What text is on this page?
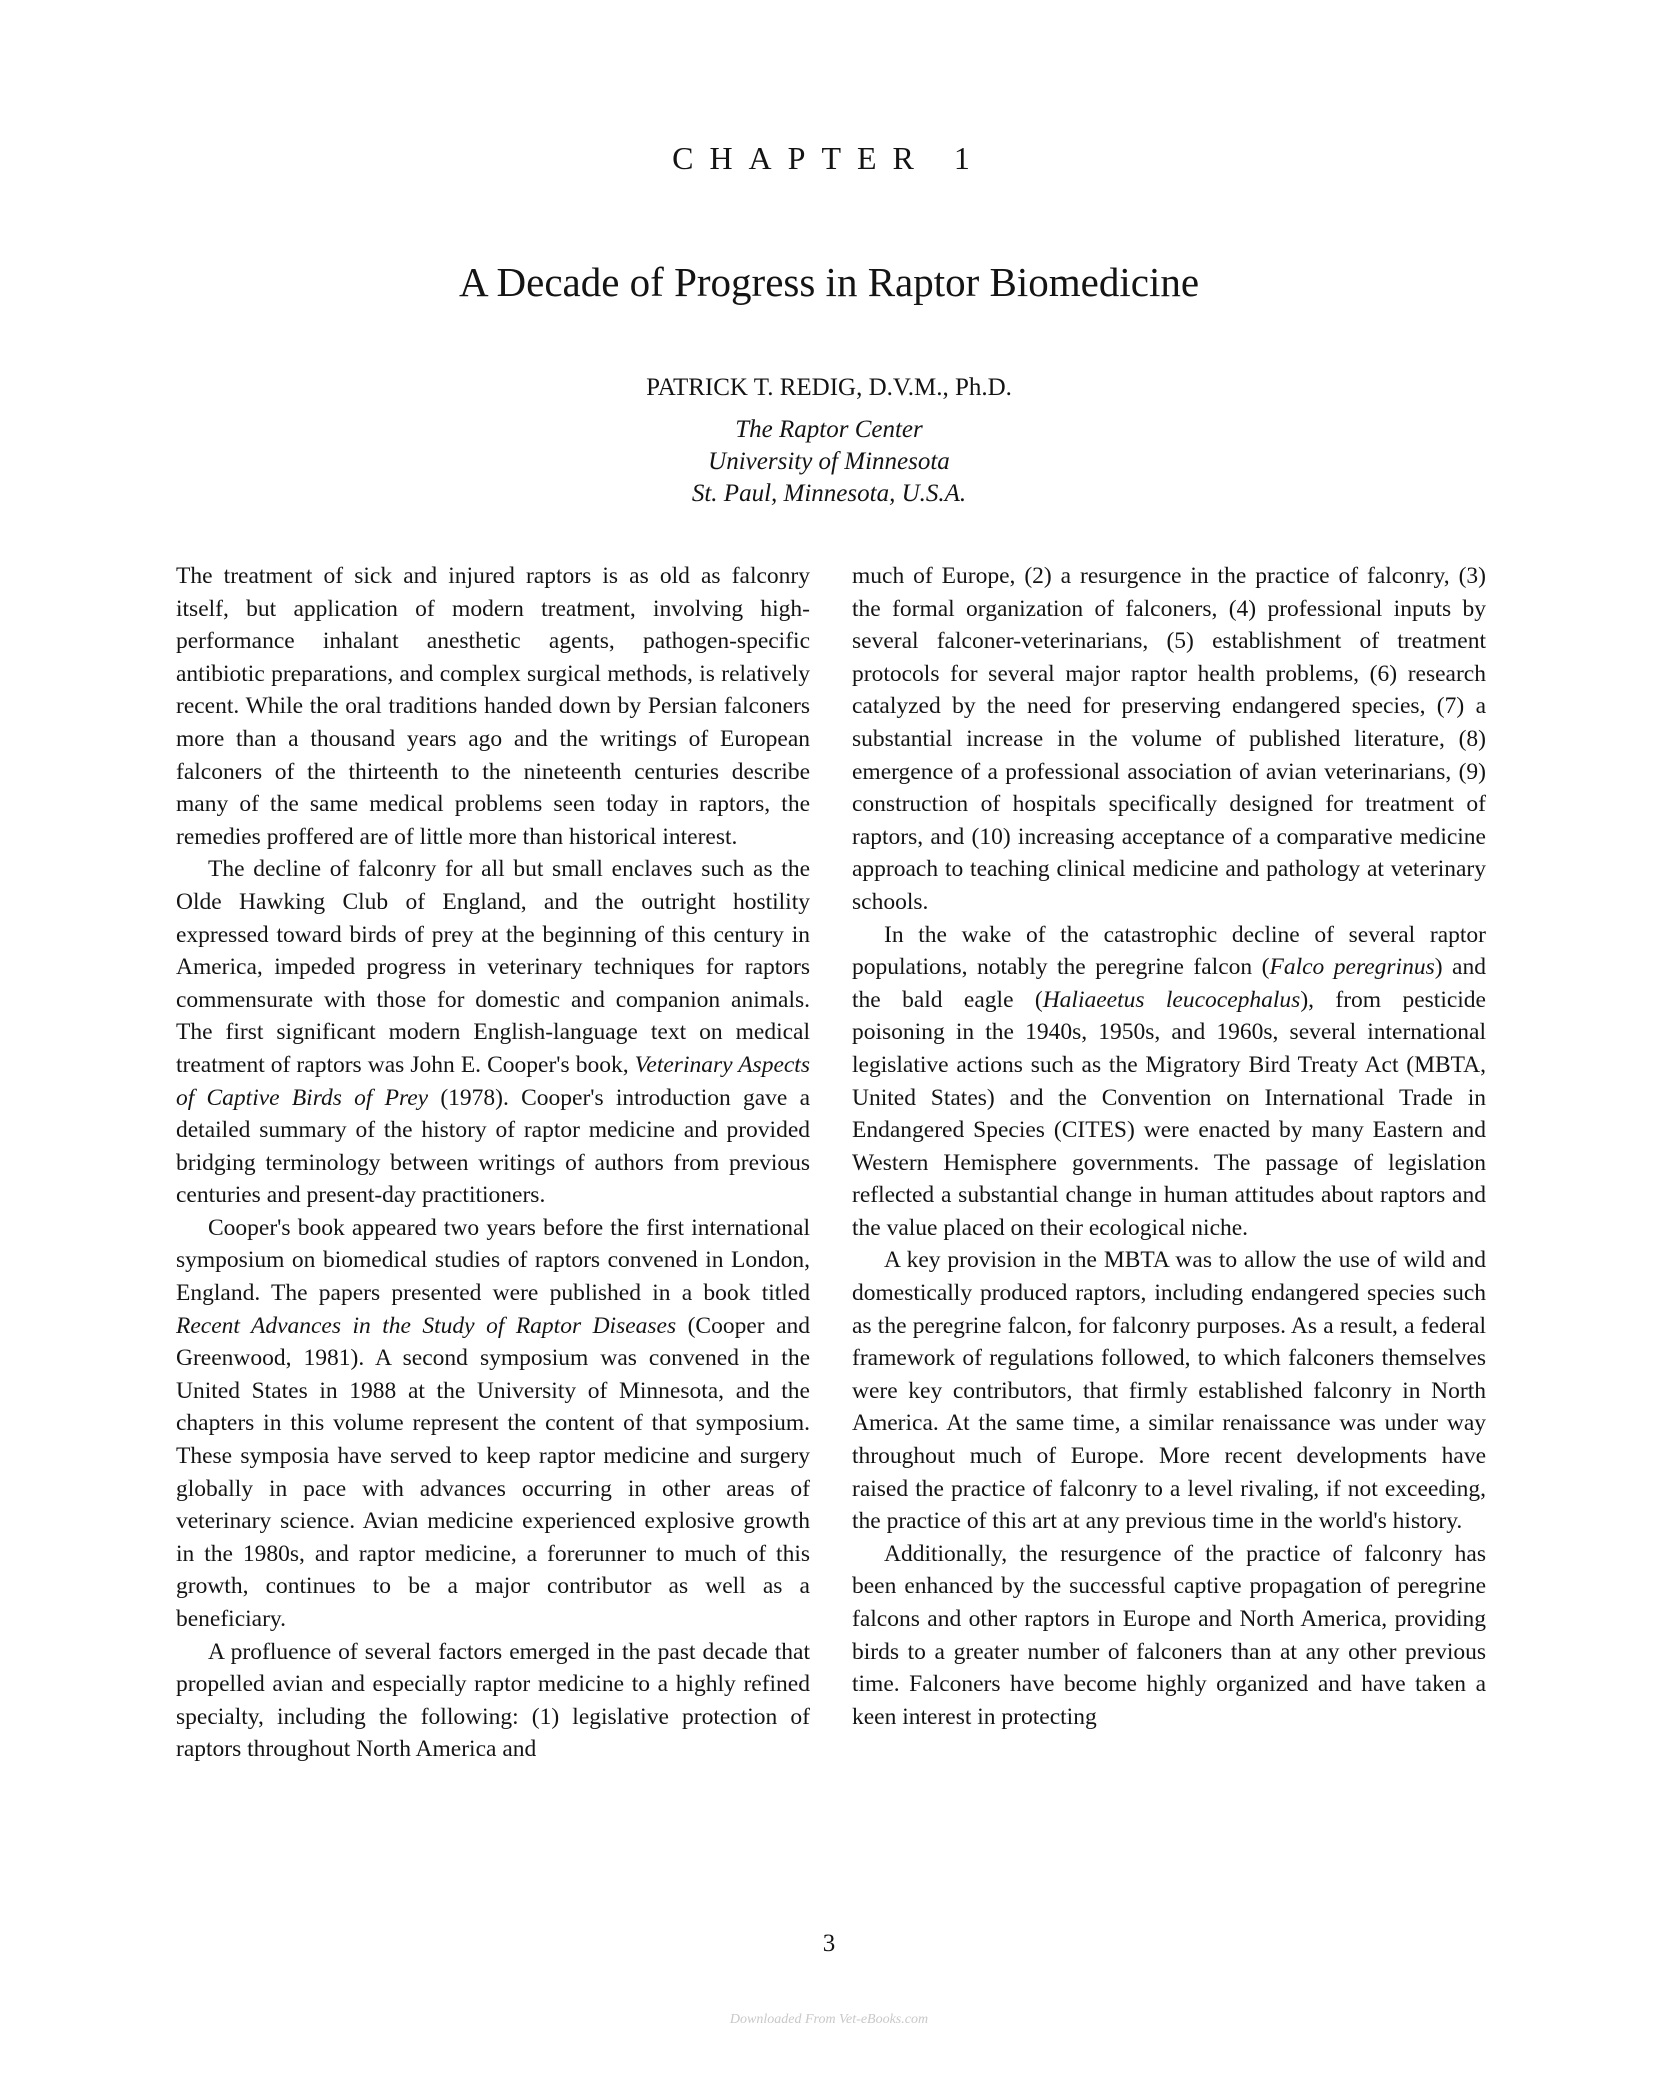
CHAPTER 1
A Decade of Progress in Raptor Biomedicine
PATRICK T. REDIG, D.V.M., Ph.D.
The Raptor Center
University of Minnesota
St. Paul, Minnesota, U.S.A.

The treatment of sick and injured raptors is as old as falconry itself, but application of modern treatment, involving high-performance inhalant anesthetic agents, pathogen-specific antibiotic preparations, and complex surgical methods, is relatively recent. While the oral traditions handed down by Persian falconers more than a thousand years ago and the writings of European falconers of the thirteenth to the nineteenth centuries describe many of the same medical problems seen today in raptors, the remedies proffered are of little more than historical interest.

The decline of falconry for all but small enclaves such as the Olde Hawking Club of England, and the outright hostility expressed toward birds of prey at the beginning of this century in America, impeded progress in veterinary techniques for raptors commensurate with those for domestic and companion animals. The first significant modern English-language text on medical treatment of raptors was John E. Cooper's book, Veterinary Aspects of Captive Birds of Prey (1978). Cooper's introduction gave a detailed summary of the history of raptor medicine and provided bridging terminology between writings of authors from previous centuries and present-day practitioners.

Cooper's book appeared two years before the first international symposium on biomedical studies of raptors convened in London, England. The papers presented were published in a book titled Recent Advances in the Study of Raptor Diseases (Cooper and Greenwood, 1981). A second symposium was convened in the United States in 1988 at the University of Minnesota, and the chapters in this volume represent the content of that symposium. These symposia have served to keep raptor medicine and surgery globally in pace with advances occurring in other areas of veterinary science. Avian medicine experienced explosive growth in the 1980s, and raptor medicine, a forerunner to much of this growth, continues to be a major contributor as well as a beneficiary.

A profluence of several factors emerged in the past decade that propelled avian and especially raptor medicine to a highly refined specialty, including the following: (1) legislative protection of raptors throughout North America and

much of Europe, (2) a resurgence in the practice of falconry, (3) the formal organization of falconers, (4) professional inputs by several falconer-veterinarians, (5) establishment of treatment protocols for several major raptor health problems, (6) research catalyzed by the need for preserving endangered species, (7) a substantial increase in the volume of published literature, (8) emergence of a professional association of avian veterinarians, (9) construction of hospitals specifically designed for treatment of raptors, and (10) increasing acceptance of a comparative medicine approach to teaching clinical medicine and pathology at veterinary schools.

In the wake of the catastrophic decline of several raptor populations, notably the peregrine falcon (Falco peregrinus) and the bald eagle (Haliaeetus leucocephalus), from pesticide poisoning in the 1940s, 1950s, and 1960s, several international legislative actions such as the Migratory Bird Treaty Act (MBTA, United States) and the Convention on International Trade in Endangered Species (CITES) were enacted by many Eastern and Western Hemisphere governments. The passage of legislation reflected a substantial change in human attitudes about raptors and the value placed on their ecological niche.

A key provision in the MBTA was to allow the use of wild and domestically produced raptors, including endangered species such as the peregrine falcon, for falconry purposes. As a result, a federal framework of regulations followed, to which falconers themselves were key contributors, that firmly established falconry in North America. At the same time, a similar renaissance was under way throughout much of Europe. More recent developments have raised the practice of falconry to a level rivaling, if not exceeding, the practice of this art at any previous time in the world's history.

Additionally, the resurgence of the practice of falconry has been enhanced by the successful captive propagation of peregrine falcons and other raptors in Europe and North America, providing birds to a greater number of falconers than at any other previous time. Falconers have become highly organized and have taken a keen interest in protecting

3
Downloaded From Vet-eBooks.com
